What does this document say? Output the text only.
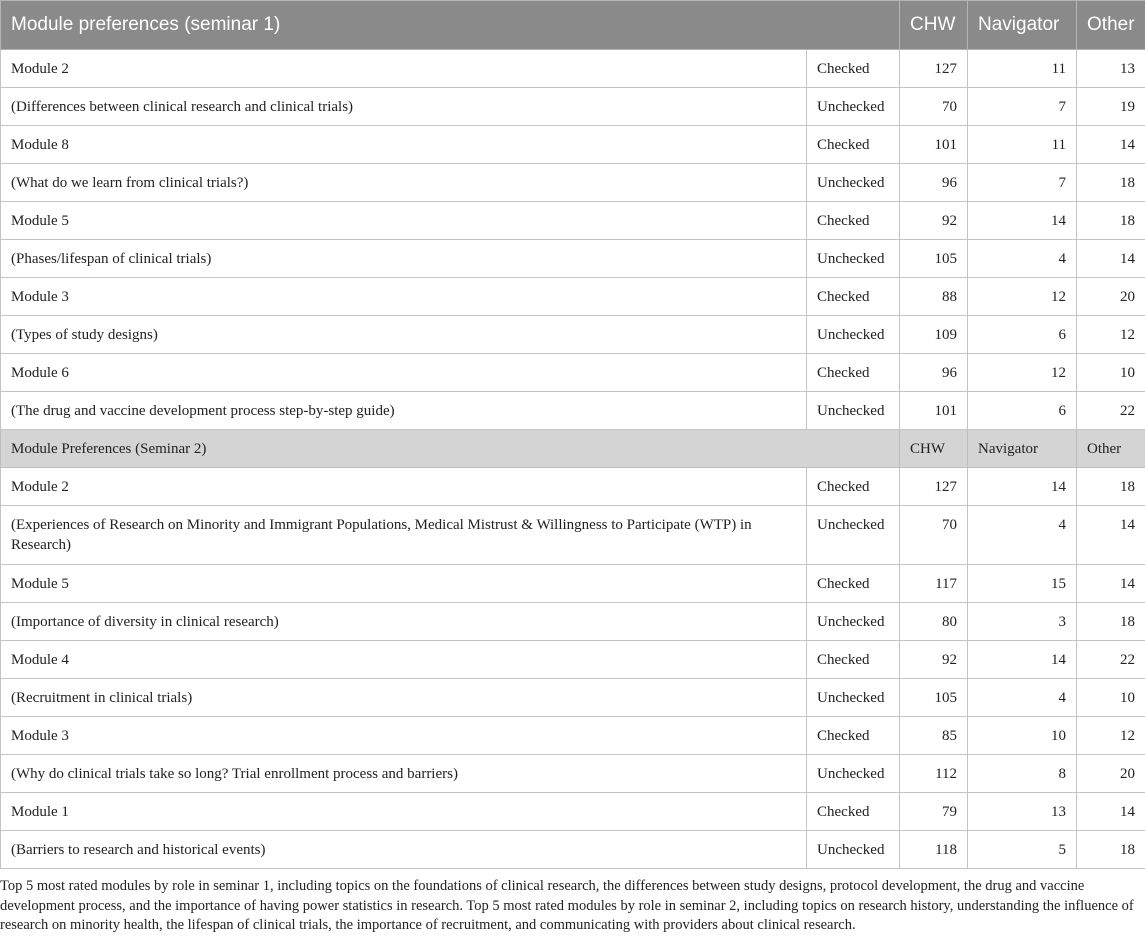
Module preferences (seminar 1)		CHW	Navigator	Other
Module 2	Checked	127	11	13
(Differences between clinical research and clinical trials)	Unchecked	70	7	19
Module 8	Checked	101	11	14
(What do we learn from clinical trials?)	Unchecked	96	7	18
Module 5	Checked	92	14	18
(Phases/lifespan of clinical trials)	Unchecked	105	4	14
Module 3	Checked	88	12	20
(Types of study designs)	Unchecked	109	6	12
Module 6	Checked	96	12	10
(The drug and vaccine development process step-by-step guide)	Unchecked	101	6	22
Module Preferences (Seminar 2)		CHW	Navigator	Other
Module 2	Checked	127	14	18
(Experiences of Research on Minority and Immigrant Populations, Medical Mistrust & Willingness to Participate (WTP) in Research)	Unchecked	70	4	14
Module 5	Checked	117	15	14
(Importance of diversity in clinical research)	Unchecked	80	3	18
Module 4	Checked	92	14	22
(Recruitment in clinical trials)	Unchecked	105	4	10
Module 3	Checked	85	10	12
(Why do clinical trials take so long? Trial enrollment process and barriers)	Unchecked	112	8	20
Module 1	Checked	79	13	14
(Barriers to research and historical events)	Unchecked	118	5	18
Top 5 most rated modules by role in seminar 1, including topics on the foundations of clinical research, the differences between study designs, protocol development, the drug and vaccine development process, and the importance of having power statistics in research. Top 5 most rated modules by role in seminar 2, including topics on research history, understanding the influence of research on minority health, the lifespan of clinical trials, the importance of recruitment, and communicating with providers about clinical research.
